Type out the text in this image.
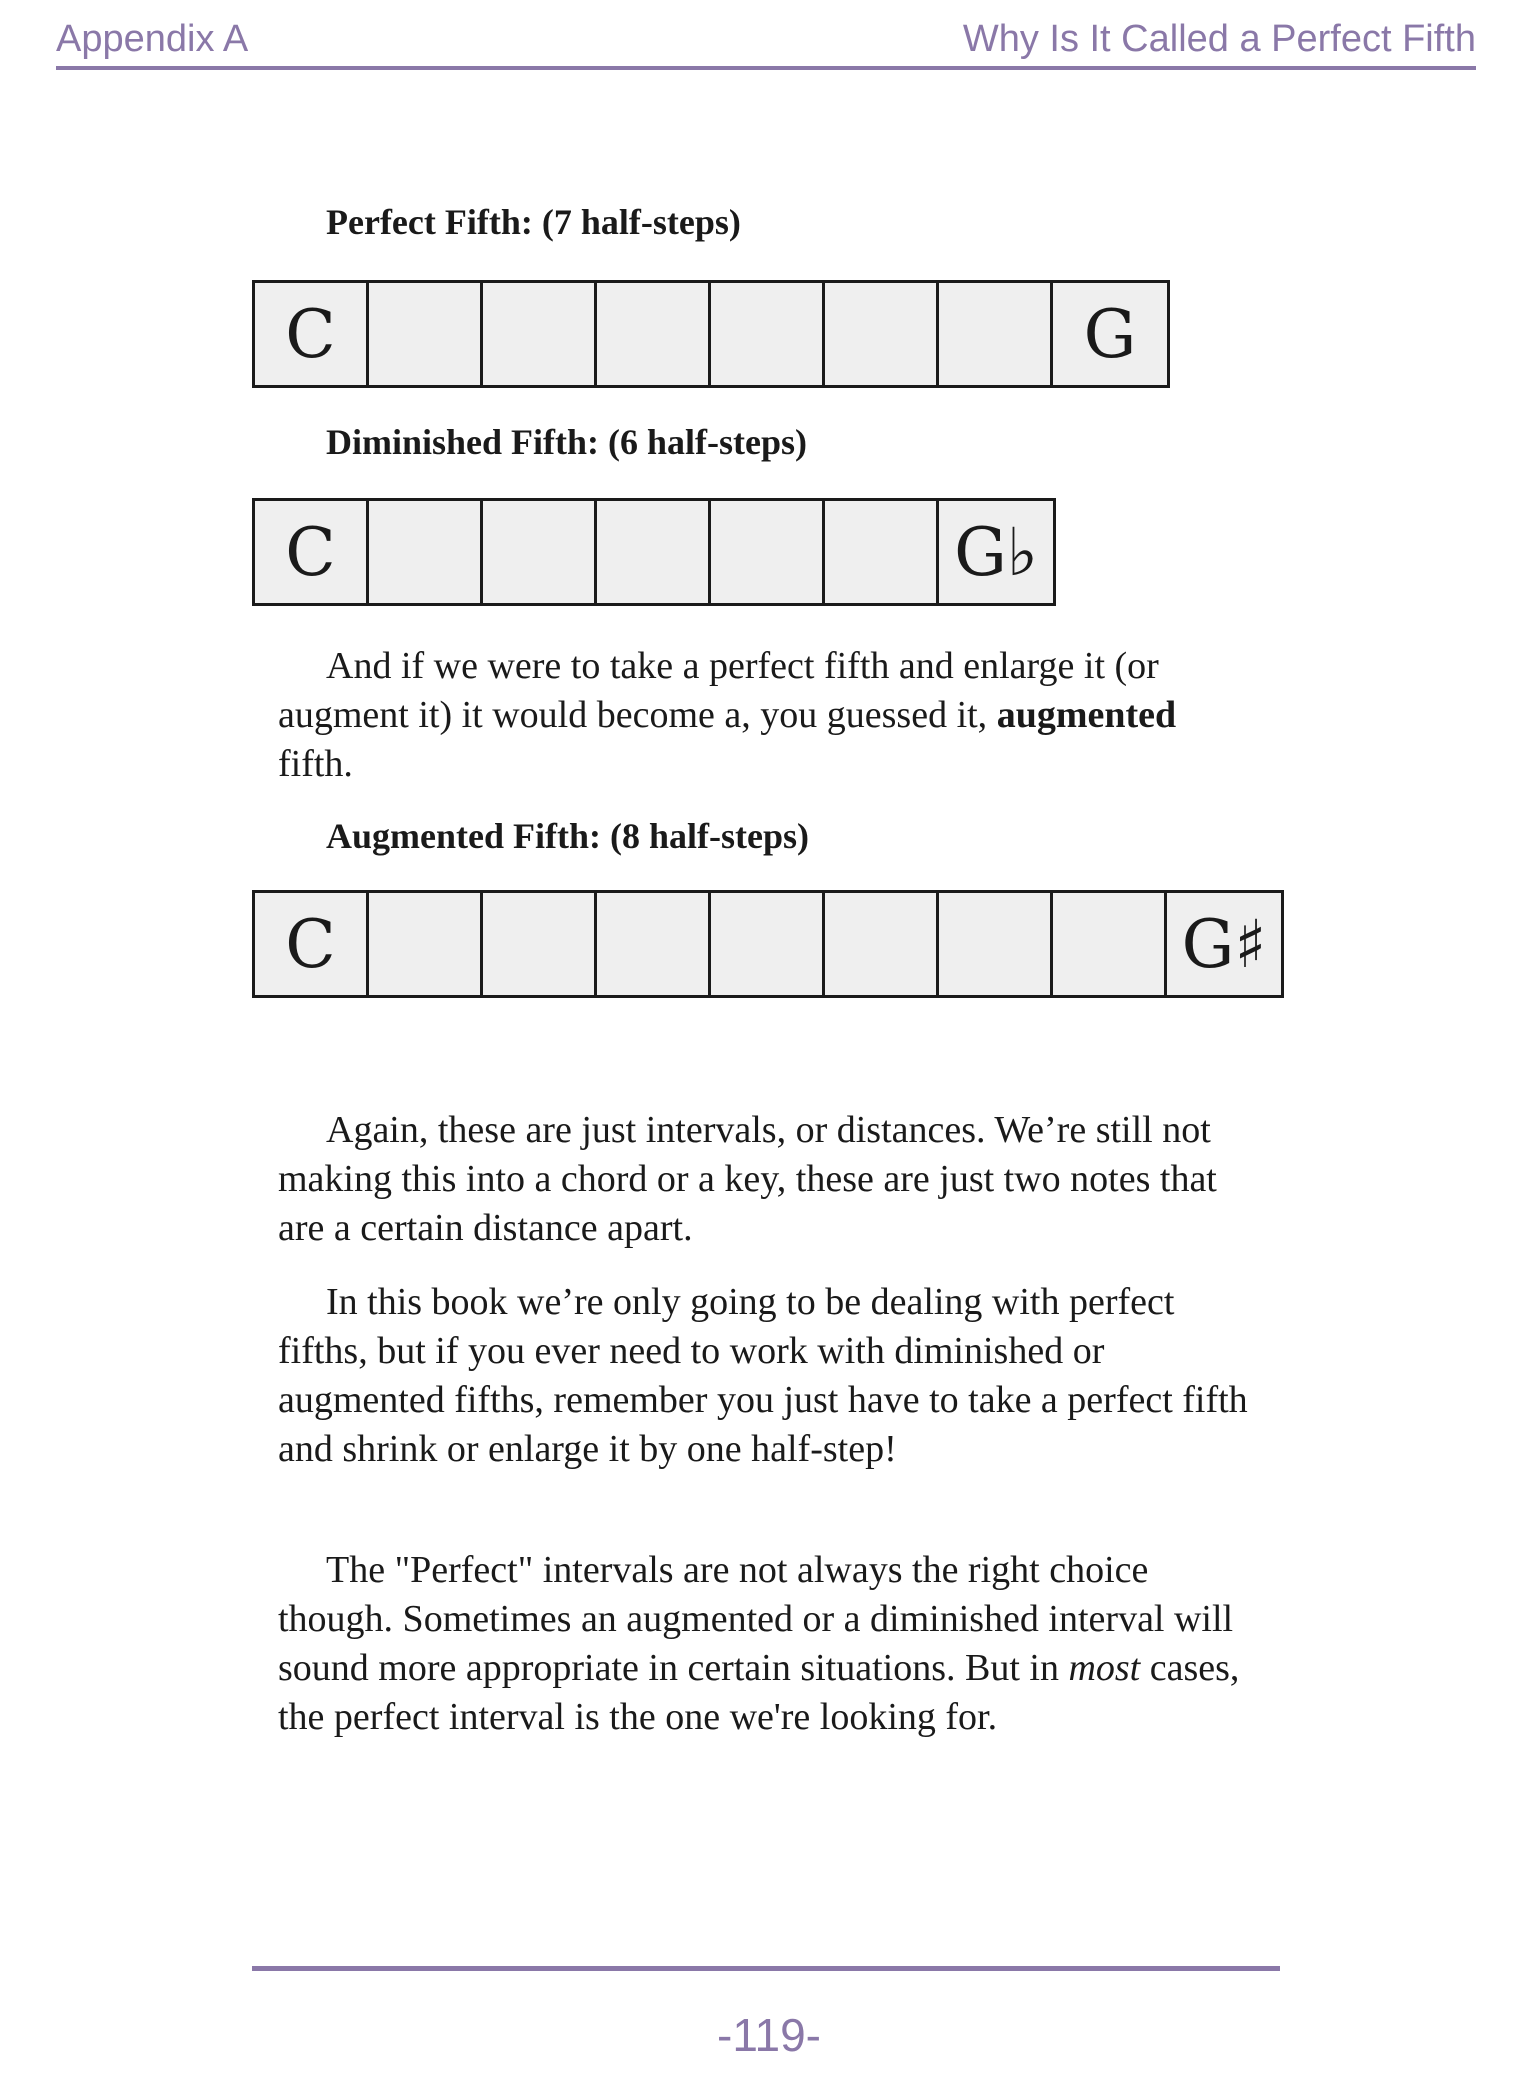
Appendix A	Why Is It Called a Perfect Fifth
Perfect Fifth: (7 half-steps)
C	G
Diminished Fifth: (6 half-steps)
C	G♭

And if we were to take a perfect fifth and enlarge it (or augment it) it would become a, you guessed it, augmented fifth.

Augmented Fifth: (8 half-steps)
C	G♯

Again, these are just intervals, or distances. We’re still not making this into a chord or a key, these are just two notes that are a certain distance apart.

In this book we’re only going to be dealing with perfect fifths, but if you ever need to work with diminished or augmented fifths, remember you just have to take a perfect fifth and shrink or enlarge it by one half-step!

The "Perfect" intervals are not always the right choice though. Sometimes an augmented or a diminished interval will sound more appropriate in certain situations. But in most cases, the perfect interval is the one we're looking for.

-119-
